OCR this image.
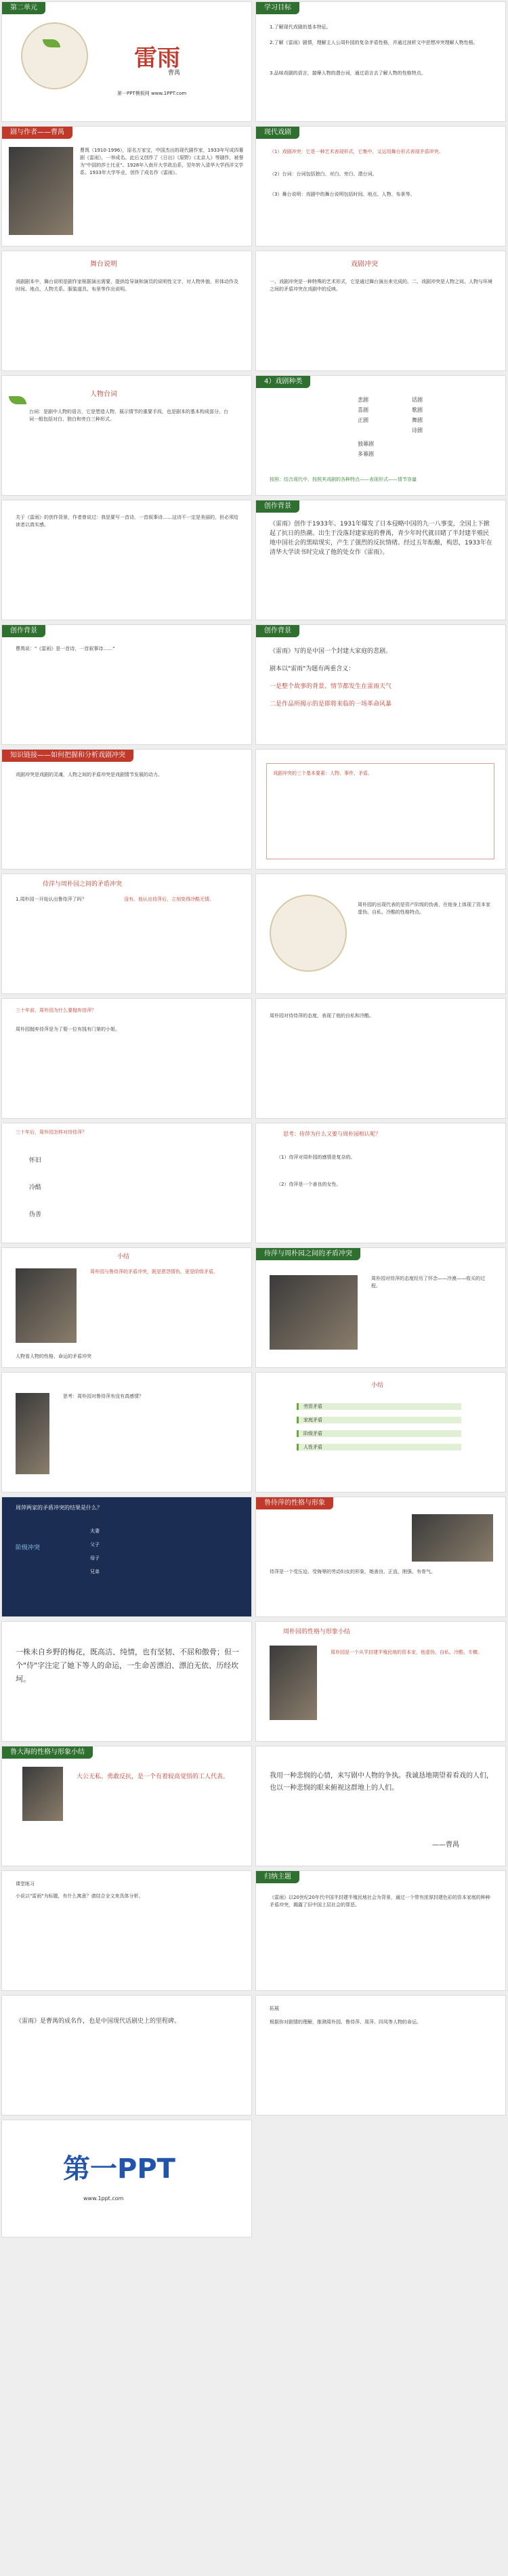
第二单元
雷雨
曹禺
第一PPT模板网 www.1PPT.com
学习目标
1.了解现代戏剧的基本特征。
2.了解《雷雨》剧情，理解主人公周朴园的复杂矛盾性格，并通过剖析文中思想冲突理解人物性格。
3.品味戏剧的语言，揣摩人物的潜台词，通过语言去了解人物的性格特点。
剧与作者——曹禺
曹禺（1910-1996），原名万家宝，中国杰出的现代剧作家，1933年写成四幕剧《雷雨》，一举成名。此后又创作了《日出》《原野》《北京人》等剧作，被誉为"中国的莎士比亚"。1928年入南开大学政治系，翌年转入清华大学西洋文学系。1933年大学毕业，创作了成名作《雷雨》。
现代戏剧
（1）戏剧冲突：它是一种艺术表现形式，它集中，又运用舞台形式表现矛盾冲突。
（2）台词：台词包括独白、对白、旁白、潜台词。
（3）舞台说明：戏剧中的舞台说明包括时间、地点、人物、布景等。
舞台说明
戏剧剧本中，舞台说明是剧作家根据演出需要，提供给导演和演员的说明性文字，对人物外貌、形体动作及时间、地点、人物关系、服装道具、布景等作出说明。
戏剧冲突
一、戏剧冲突是一种特殊的艺术形式，它是通过舞台演出来完成的。二、戏剧冲突是人物之间、人物与环境之间的矛盾冲突在戏剧中的反映。
人物台词
台词：是剧中人物的语言，它是塑造人物，展示情节的重要手段，也是剧本的基本构成部分。台词一般包括对白、独白和旁白三种形式。
4）戏剧种类
悲剧
喜剧
正剧
话剧
歌剧
舞剧
诗剧
独幕剧
多幕剧
按照：结合现代中，按照其戏剧的各种特点——表现形式——情节容量
关于《雷雨》的创作背景，作者曾说过：我是要写一首诗，一首叙事诗……这诗不一定是美丽的，但必须给读者以真实感。
创作背景
《雷雨》创作于1933年。1931年爆发了日本侵略中国的九一八事变，全国上下掀起了抗日的热潮。出生于没落封建家庭的曹禺，青少年时代就目睹了半封建半殖民地中国社会的黑暗现实，产生了强烈的反抗情绪。经过五年酝酿，构思，1933年在清华大学读书时完成了他的处女作《雷雨》。
创作背景
曹禺说："《雷雨》是一首诗，一首叙事诗……"
创作背景
《雷雨》写的是中国一个封建大家庭的悲剧。
剧本以"雷雨"为题有两重含义：
一是整个故事的背景、情节都发生在雷雨天气
二是作品所揭示的是即将来临的一场革命风暴
知识链接——如何把握和分析戏剧冲突
戏剧冲突是戏剧的灵魂，人物之间的矛盾冲突是戏剧情节发展的动力。	戏剧冲突的三个基本要素：人物、事件、矛盾。
侍萍与周朴园之间的矛盾冲突
1.周朴园一开始认出鲁侍萍了吗？	没有。他认出侍萍后，立刻变得冷酷无情。
周朴园的出现代表的是资产阶级的伪善，在他身上体现了资本家虚伪、自私、冷酷的性格特点。
三十年前，周朴园为什么要抛弃侍萍？
周朴园抛弃侍萍是为了娶一位有钱有门第的小姐。
周朴园对待侍萍的态度，表现了他的自私和冷酷。
三十年后，周朴园怎样对待侍萍？
怀旧
冷酷
伪善
思考：侍萍为什么又要与周朴园相认呢？
（1）侍萍对周朴园的感情是复杂的。
（2）侍萍是一个善良的女性。
小结
周朴园与鲁侍萍的矛盾冲突，既是恩怨情仇，更是阶级矛盾。
人物看人物的性格，命运的矛盾冲突
侍萍与周朴园之间的矛盾冲突
周朴园对侍萍的态度经历了怀念——冷漠——收买的过程。
思考：周朴园对鲁侍萍有没有真感情？
小结
劳资矛盾
家庭矛盾
阶级矛盾
人性矛盾
周萍两家的矛盾冲突的结果是什么？
阶级冲突
夫妻
父子
母子
兄弟
鲁侍萍的性格与形象
侍萍是一个受压迫、受侮辱的劳动妇女的形象，她善良、正直、刚强、有骨气。
一株未自乡野的梅花，既高洁、纯情，也有坚韧、不屈和傲骨；但一个"侍"字注定了她下等人的命运，一生命苦漂泊、漂泊无依、历经坎坷。
周朴园的性格与形象小结
周朴园是一个从半封建半殖民地的资本家，他虚伪、自私、冷酷、专横。
鲁大海的性格与形象小结
大公无私、勇敢反抗，是一个有着较高觉悟的工人代表。	我用一种悲悯的心情，来写剧中人物的争执。我诚恳地期望着看戏的人们，也以一种悲悯的眼来俯视这群地上的人们。
——曹禺
课堂练习
小说以"雷雨"为标题，有什么寓意？请结合全文来具体分析。
归纳主题
《雷雨》以20世纪20年代中国半封建半殖民地社会为背景，通过一个带有浓厚封建色彩的资本家庭的种种矛盾冲突，揭露了旧中国上层社会的罪恶。
《雷雨》是曹禺的成名作，也是中国现代话剧史上的里程碑。
拓展
根据你对剧情的理解，推测周朴园、鲁侍萍、周萍、四凤等人物的命运。
第一PPT
www.1ppt.com
